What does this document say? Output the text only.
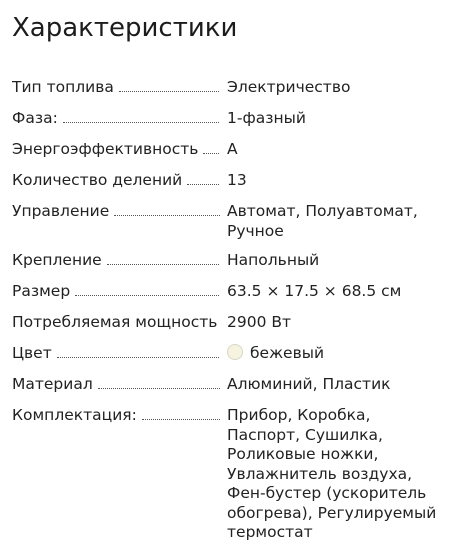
Характеристики
Тип топлива	Электричество
Фаза:	1-фазный
Энергоэффективность	A
Количество делений	13
Управление	Автомат, Полуавтомат, Ручное
Крепление	Напольный
Размер	63.5 × 17.5 × 68.5 см
Потребляемая мощность 2900 Вт
Цвет	бежевый
Материал	Алюминий, Пластик
Комплектация:	Прибор, Коробка, Паспорт, Сушилка, Роликовые ножки, Увлажнитель воздуха, Фен-бустер (ускоритель обогрева), Регулируемый термостат
